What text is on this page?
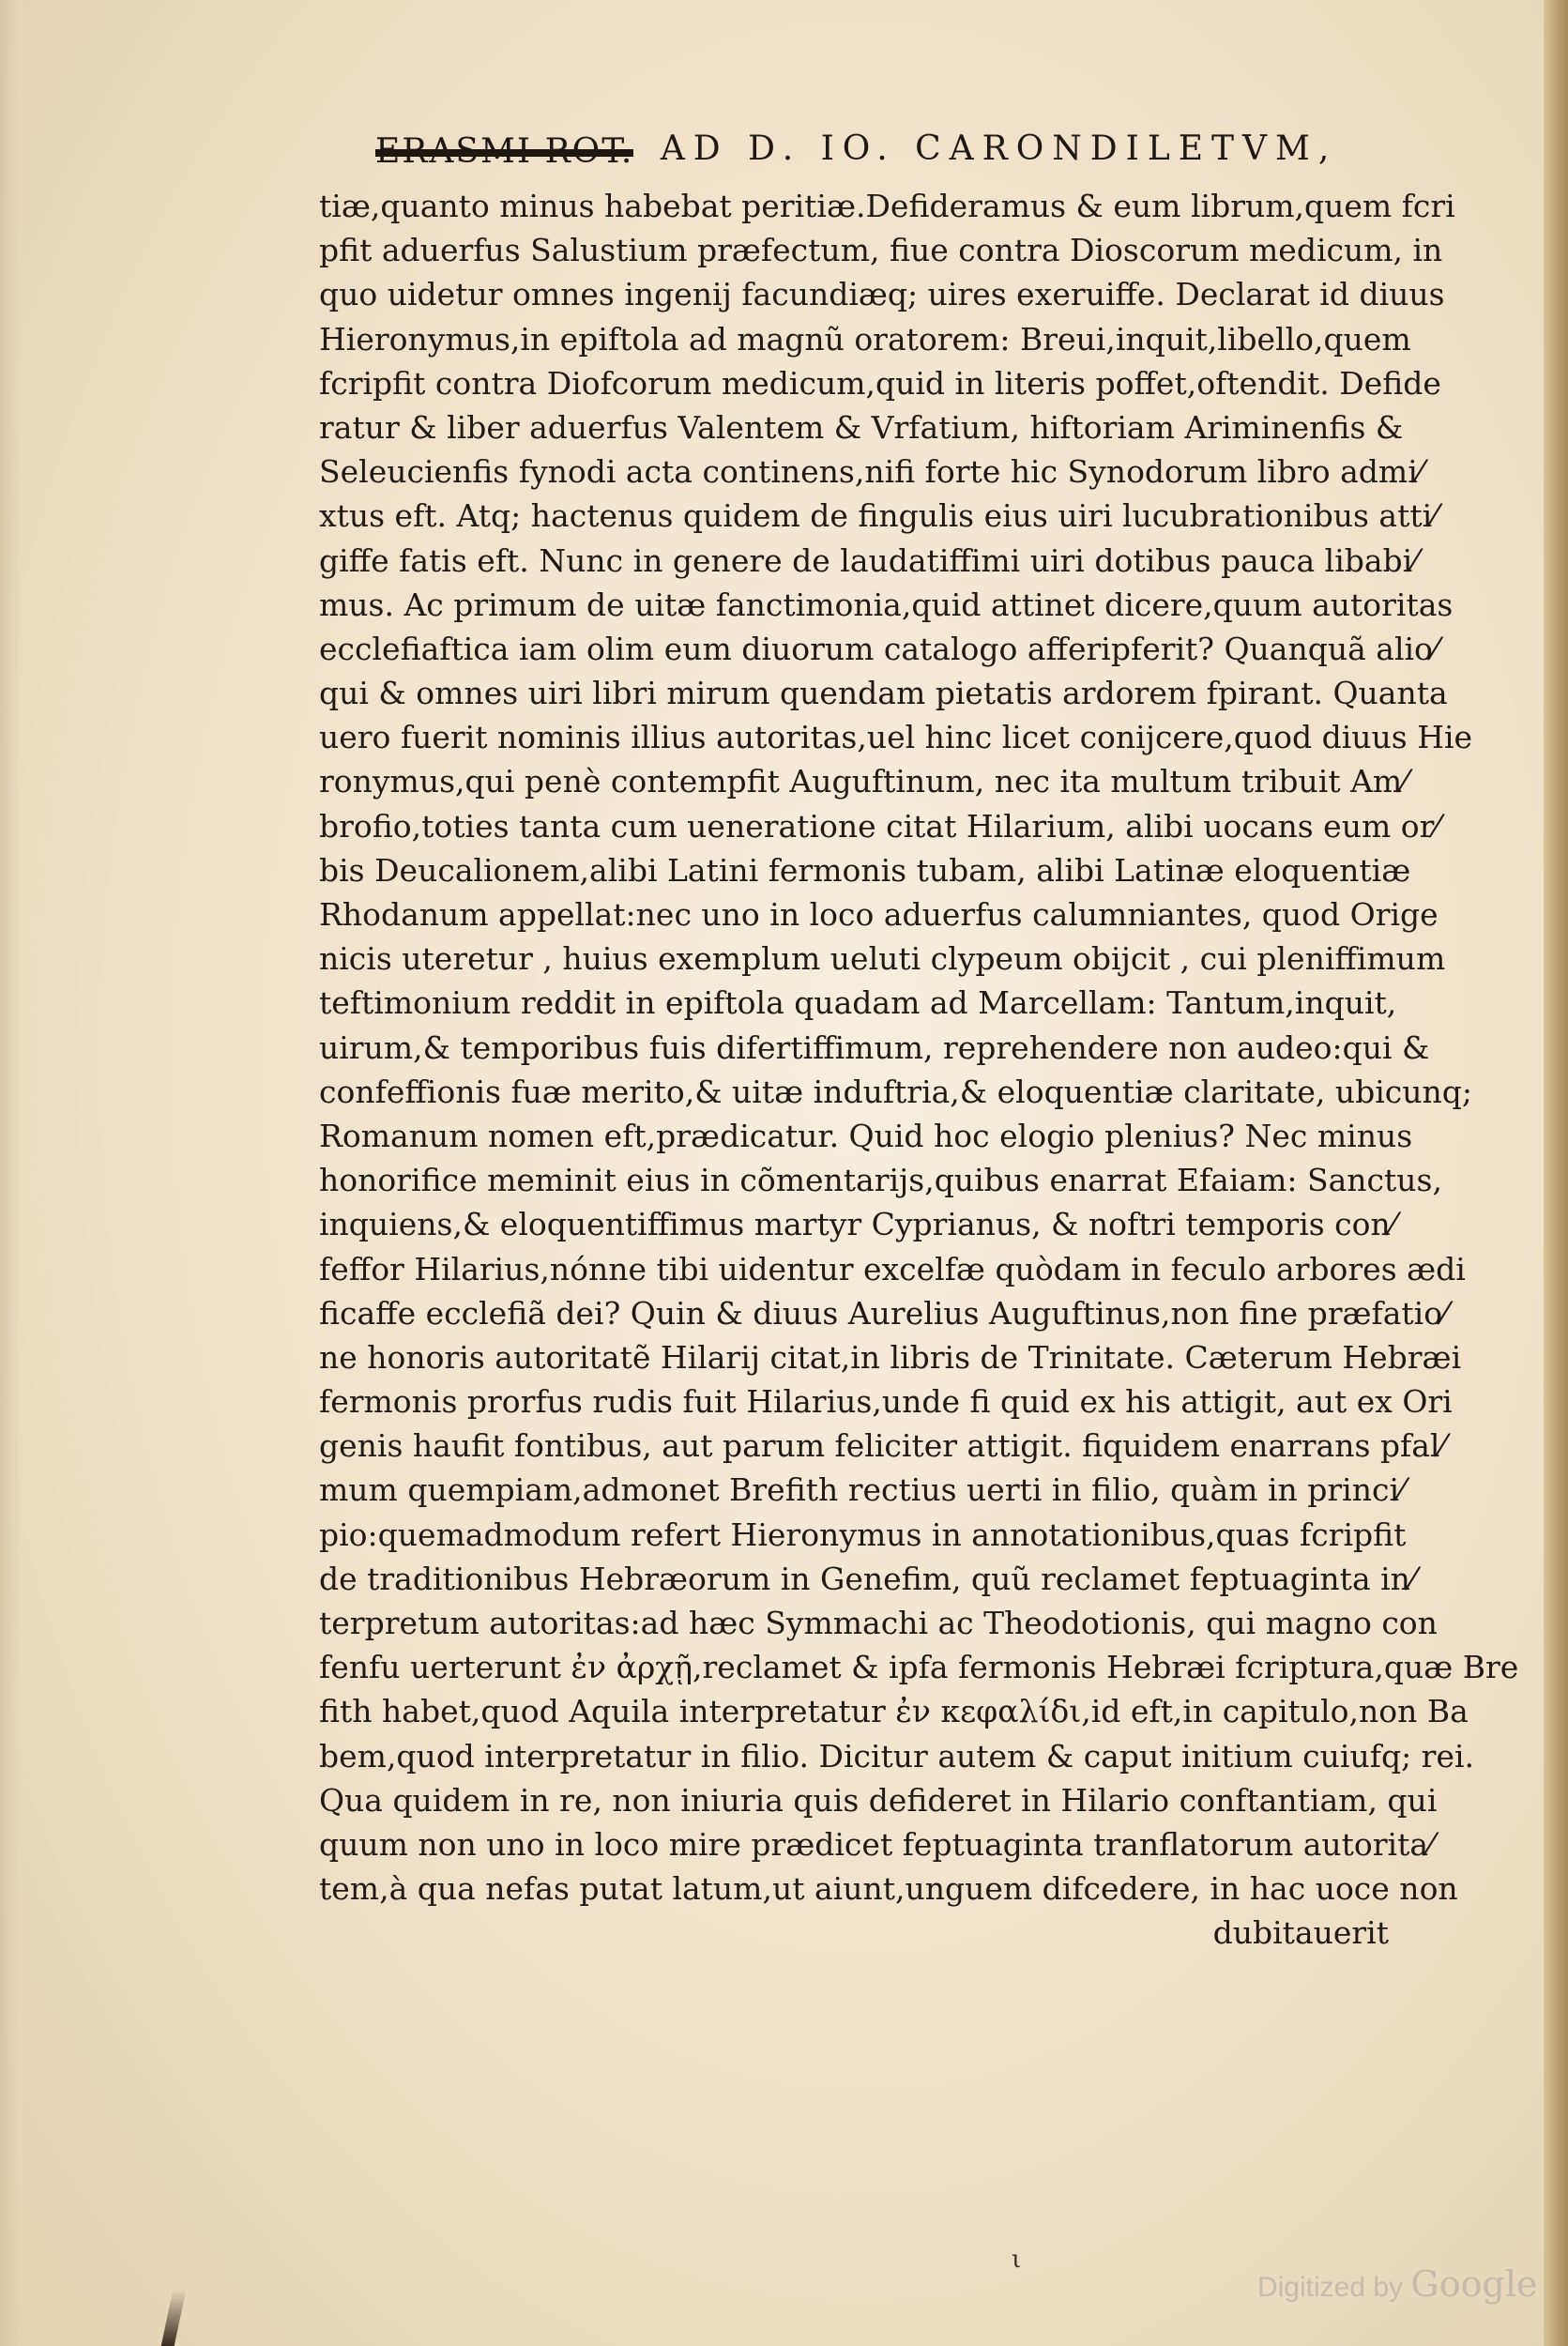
AD D. IO. CARONDILETVM,
tiæ,quanto minus habebat peritiæ.Defideramus & eum librum,quem fcri
pfit aduerfus Salustium præfectum, fiue contra Dioscorum medicum, in
quo uidetur omnes ingenij facundiæq; uires exeruiffe. Declarat id diuus
Hieronymus,in epiftola ad magnũ oratorem: Breui,inquit,libello,quem
fcripfit contra Diofcorum medicum,quid in literis poffet,oftendit. Defide
ratur & liber aduerfus Valentem & Vrfatium, hiftoriam Ariminenfis &
Seleucienfis fynodi acta continens,nifi forte hic Synodorum libro admi⁄
xtus eft. Atq; hactenus quidem de fingulis eius uiri lucubrationibus atti⁄
giffe fatis eft. Nunc in genere de laudatiffimi uiri dotibus pauca libabi⁄
mus. Ac primum de uitæ fanctimonia,quid attinet dicere,quum autoritas
ecclefiaftica iam olim eum diuorum catalogo afferipferit? Quanquã alio⁄
qui & omnes uiri libri mirum quendam pietatis ardorem fpirant. Quanta
uero fuerit nominis illius autoritas,uel hinc licet conijcere,quod diuus Hie
ronymus,qui penè contempfit Auguftinum, nec ita multum tribuit Am⁄
brofio,toties tanta cum ueneratione citat Hilarium, alibi uocans eum or⁄
bis Deucalionem,alibi Latini fermonis tubam, alibi Latinæ eloquentiæ
Rhodanum appellat:nec uno in loco aduerfus calumniantes, quod Orige
nicis uteretur , huius exemplum ueluti clypeum obijcit , cui pleniffimum
teftimonium reddit in epiftola quadam ad Marcellam: Tantum,inquit,
uirum,& temporibus fuis difertiffimum, reprehendere non audeo:qui &
confeffionis fuæ merito,& uitæ induftria,& eloquentiæ claritate, ubicunq;
Romanum nomen eft,prædicatur. Quid hoc elogio plenius? Nec minus
honorifice meminit eius in cõmentarijs,quibus enarrat Efaiam: Sanctus,
inquiens,& eloquentiffimus martyr Cyprianus, & noftri temporis con⁄
feffor Hilarius,nónne tibi uidentur excelfæ quòdam in feculo arbores ædi
ficaffe ecclefiã dei? Quin & diuus Aurelius Auguftinus,non fine præfatio⁄
ne honoris autoritatẽ Hilarij citat,in libris de Trinitate. Cæterum Hebræi
fermonis prorfus rudis fuit Hilarius,unde fi quid ex his attigit, aut ex Ori
genis haufit fontibus, aut parum feliciter attigit. fiquidem enarrans pfal⁄
mum quempiam,admonet Brefith rectius uerti in filio, quàm in princi⁄
pio:quemadmodum refert Hieronymus in annotationibus,quas fcripfit
de traditionibus Hebræorum in Genefim, quũ reclamet feptuaginta in⁄
terpretum autoritas:ad hæc Symmachi ac Theodotionis, qui magno con
fenfu uerterunt ἐν ἀρχῇ,reclamet & ipfa fermonis Hebræi fcriptura,quæ Bre
fith habet,quod Aquila interpretatur ἐν κεφαλίδι,id eft,in capitulo,non Ba
bem,quod interpretatur in filio. Dicitur autem & caput initium cuiufq; rei.
Qua quidem in re, non iniuria quis defideret in Hilario conftantiam, qui
quum non uno in loco mire prædicet feptuaginta tranflatorum autorita⁄
tem,à qua nefas putat latum,ut aiunt,unguem difcedere, in hac uoce non
dubitauerit
ι
Digitized by Google
